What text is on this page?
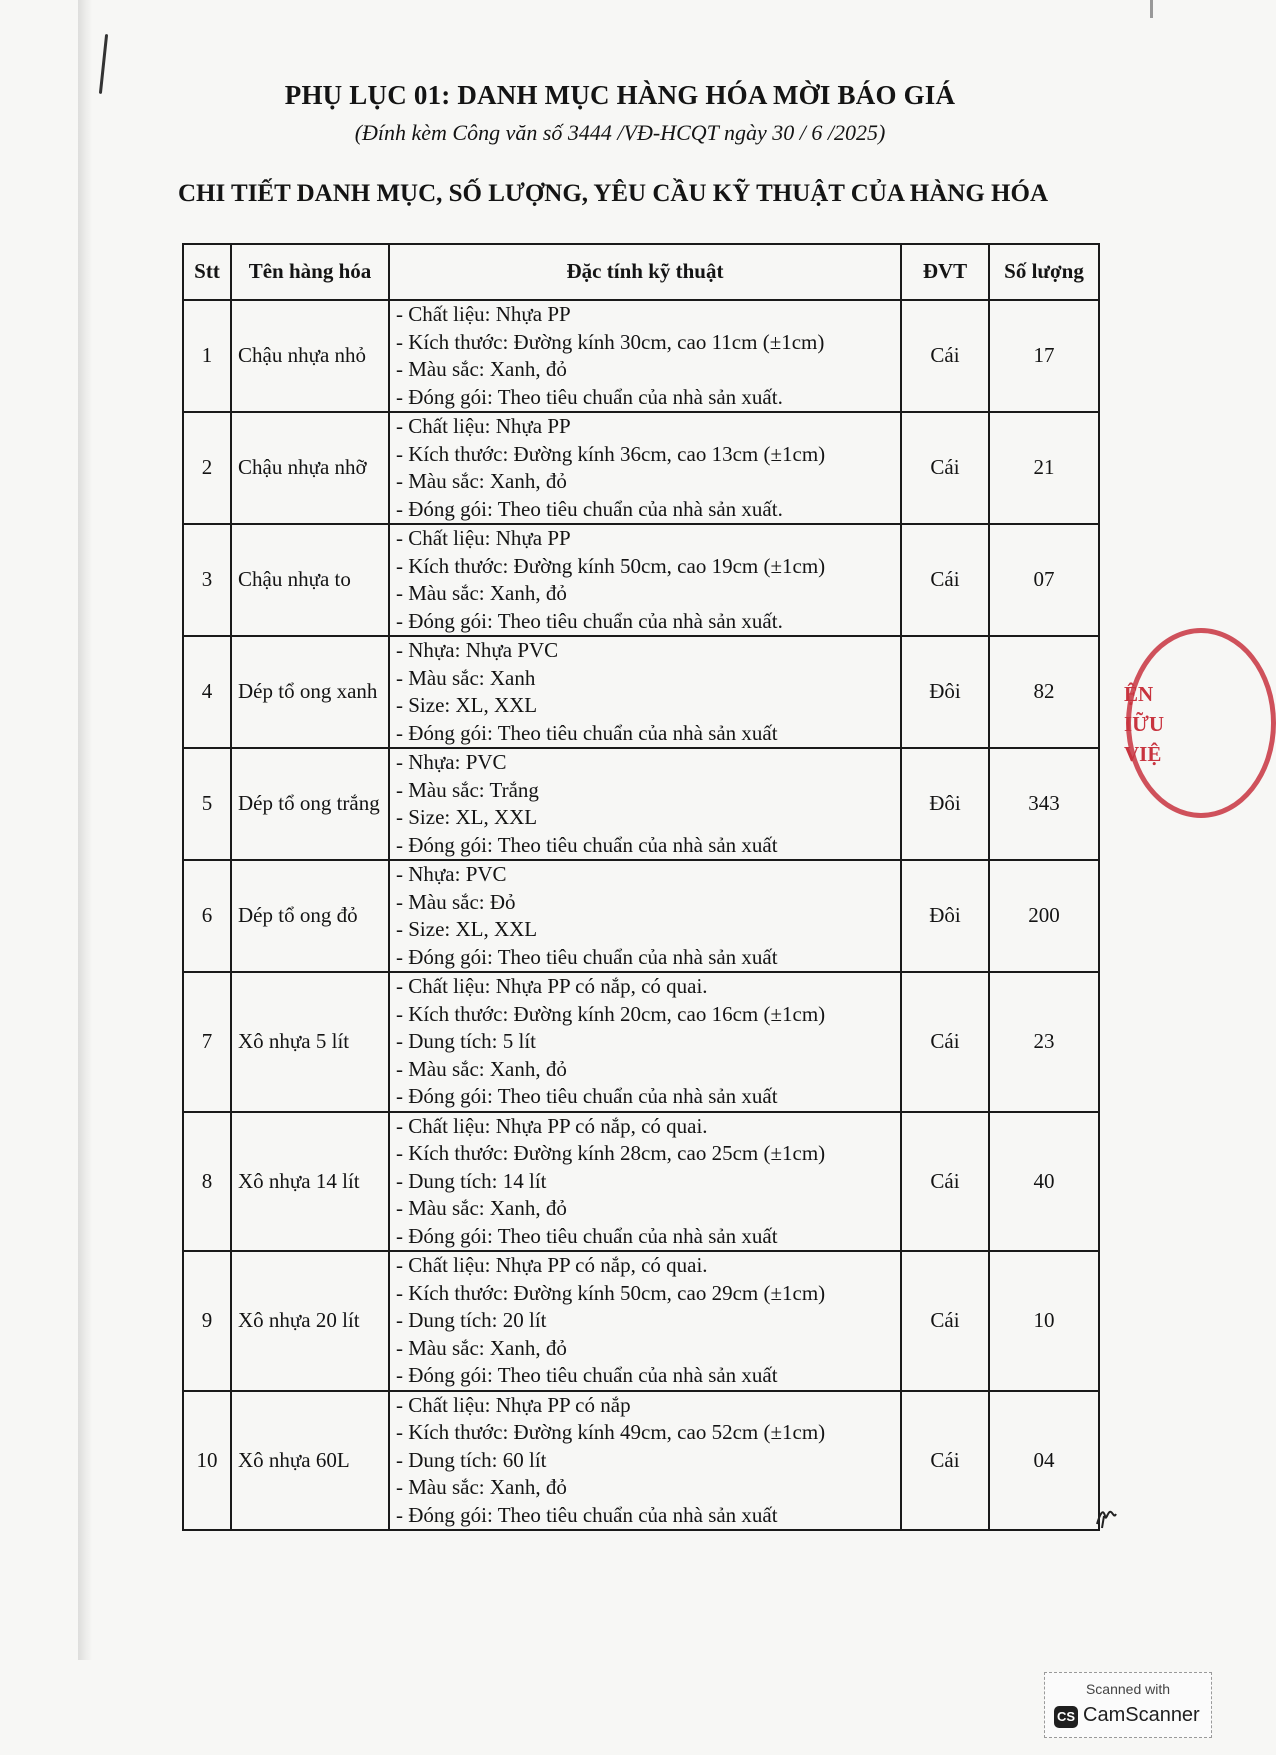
PHỤ LỤC 01: DANH MỤC HÀNG HÓA MỜI BÁO GIÁ
(Đính kèm Công văn số 3444 /VĐ-HCQT ngày 30 / 6 /2025)
CHI TIẾT DANH MỤC, SỐ LƯỢNG, YÊU CẦU KỸ THUẬT CỦA HÀNG HÓA
Stt	Tên hàng hóa	Đặc tính kỹ thuật	ĐVT	Số lượng
1	Chậu nhựa nhỏ	- Chất liệu: Nhựa PP
- Kích thước: Đường kính 30cm, cao 11cm (±1cm)
- Màu sắc: Xanh, đỏ
- Đóng gói: Theo tiêu chuẩn của nhà sản xuất.	Cái	17
2	Chậu nhựa nhỡ	- Chất liệu: Nhựa PP
- Kích thước: Đường kính 36cm, cao 13cm (±1cm)
- Màu sắc: Xanh, đỏ
- Đóng gói: Theo tiêu chuẩn của nhà sản xuất.	Cái	21
3	Chậu nhựa to	- Chất liệu: Nhựa PP
- Kích thước: Đường kính 50cm, cao 19cm (±1cm)
- Màu sắc: Xanh, đỏ
- Đóng gói: Theo tiêu chuẩn của nhà sản xuất.	Cái	07
4	Dép tổ ong xanh	- Nhựa: Nhựa PVC
- Màu sắc: Xanh
- Size: XL, XXL
- Đóng gói: Theo tiêu chuẩn của nhà sản xuất	Đôi	82
5	Dép tổ ong trắng	- Nhựa: PVC
- Màu sắc: Trắng
- Size: XL, XXL
- Đóng gói: Theo tiêu chuẩn của nhà sản xuất	Đôi	343
6	Dép tổ ong đỏ	- Nhựa: PVC
- Màu sắc: Đỏ
- Size: XL, XXL
- Đóng gói: Theo tiêu chuẩn của nhà sản xuất	Đôi	200
7	Xô nhựa 5 lít	- Chất liệu: Nhựa PP có nắp, có quai.
- Kích thước: Đường kính 20cm, cao 16cm (±1cm)
- Dung tích: 5 lít
- Màu sắc: Xanh, đỏ
- Đóng gói: Theo tiêu chuẩn của nhà sản xuất	Cái	23
8	Xô nhựa 14 lít	- Chất liệu: Nhựa PP có nắp, có quai.
- Kích thước: Đường kính 28cm, cao 25cm (±1cm)
- Dung tích: 14 lít
- Màu sắc: Xanh, đỏ
- Đóng gói: Theo tiêu chuẩn của nhà sản xuất	Cái	40
9	Xô nhựa 20 lít	- Chất liệu: Nhựa PP có nắp, có quai.
- Kích thước: Đường kính 50cm, cao 29cm (±1cm)
- Dung tích: 20 lít
- Màu sắc: Xanh, đỏ
- Đóng gói: Theo tiêu chuẩn của nhà sản xuất	Cái	10
10	Xô nhựa 60L	- Chất liệu: Nhựa PP có nắp
- Kích thước: Đường kính 49cm, cao 52cm (±1cm)
- Dung tích: 60 lít
- Màu sắc: Xanh, đỏ
- Đóng gói: Theo tiêu chuẩn của nhà sản xuất	Cái	04
ỆN
IỮU
VIỆ
Scanned with
CS CamScanner
